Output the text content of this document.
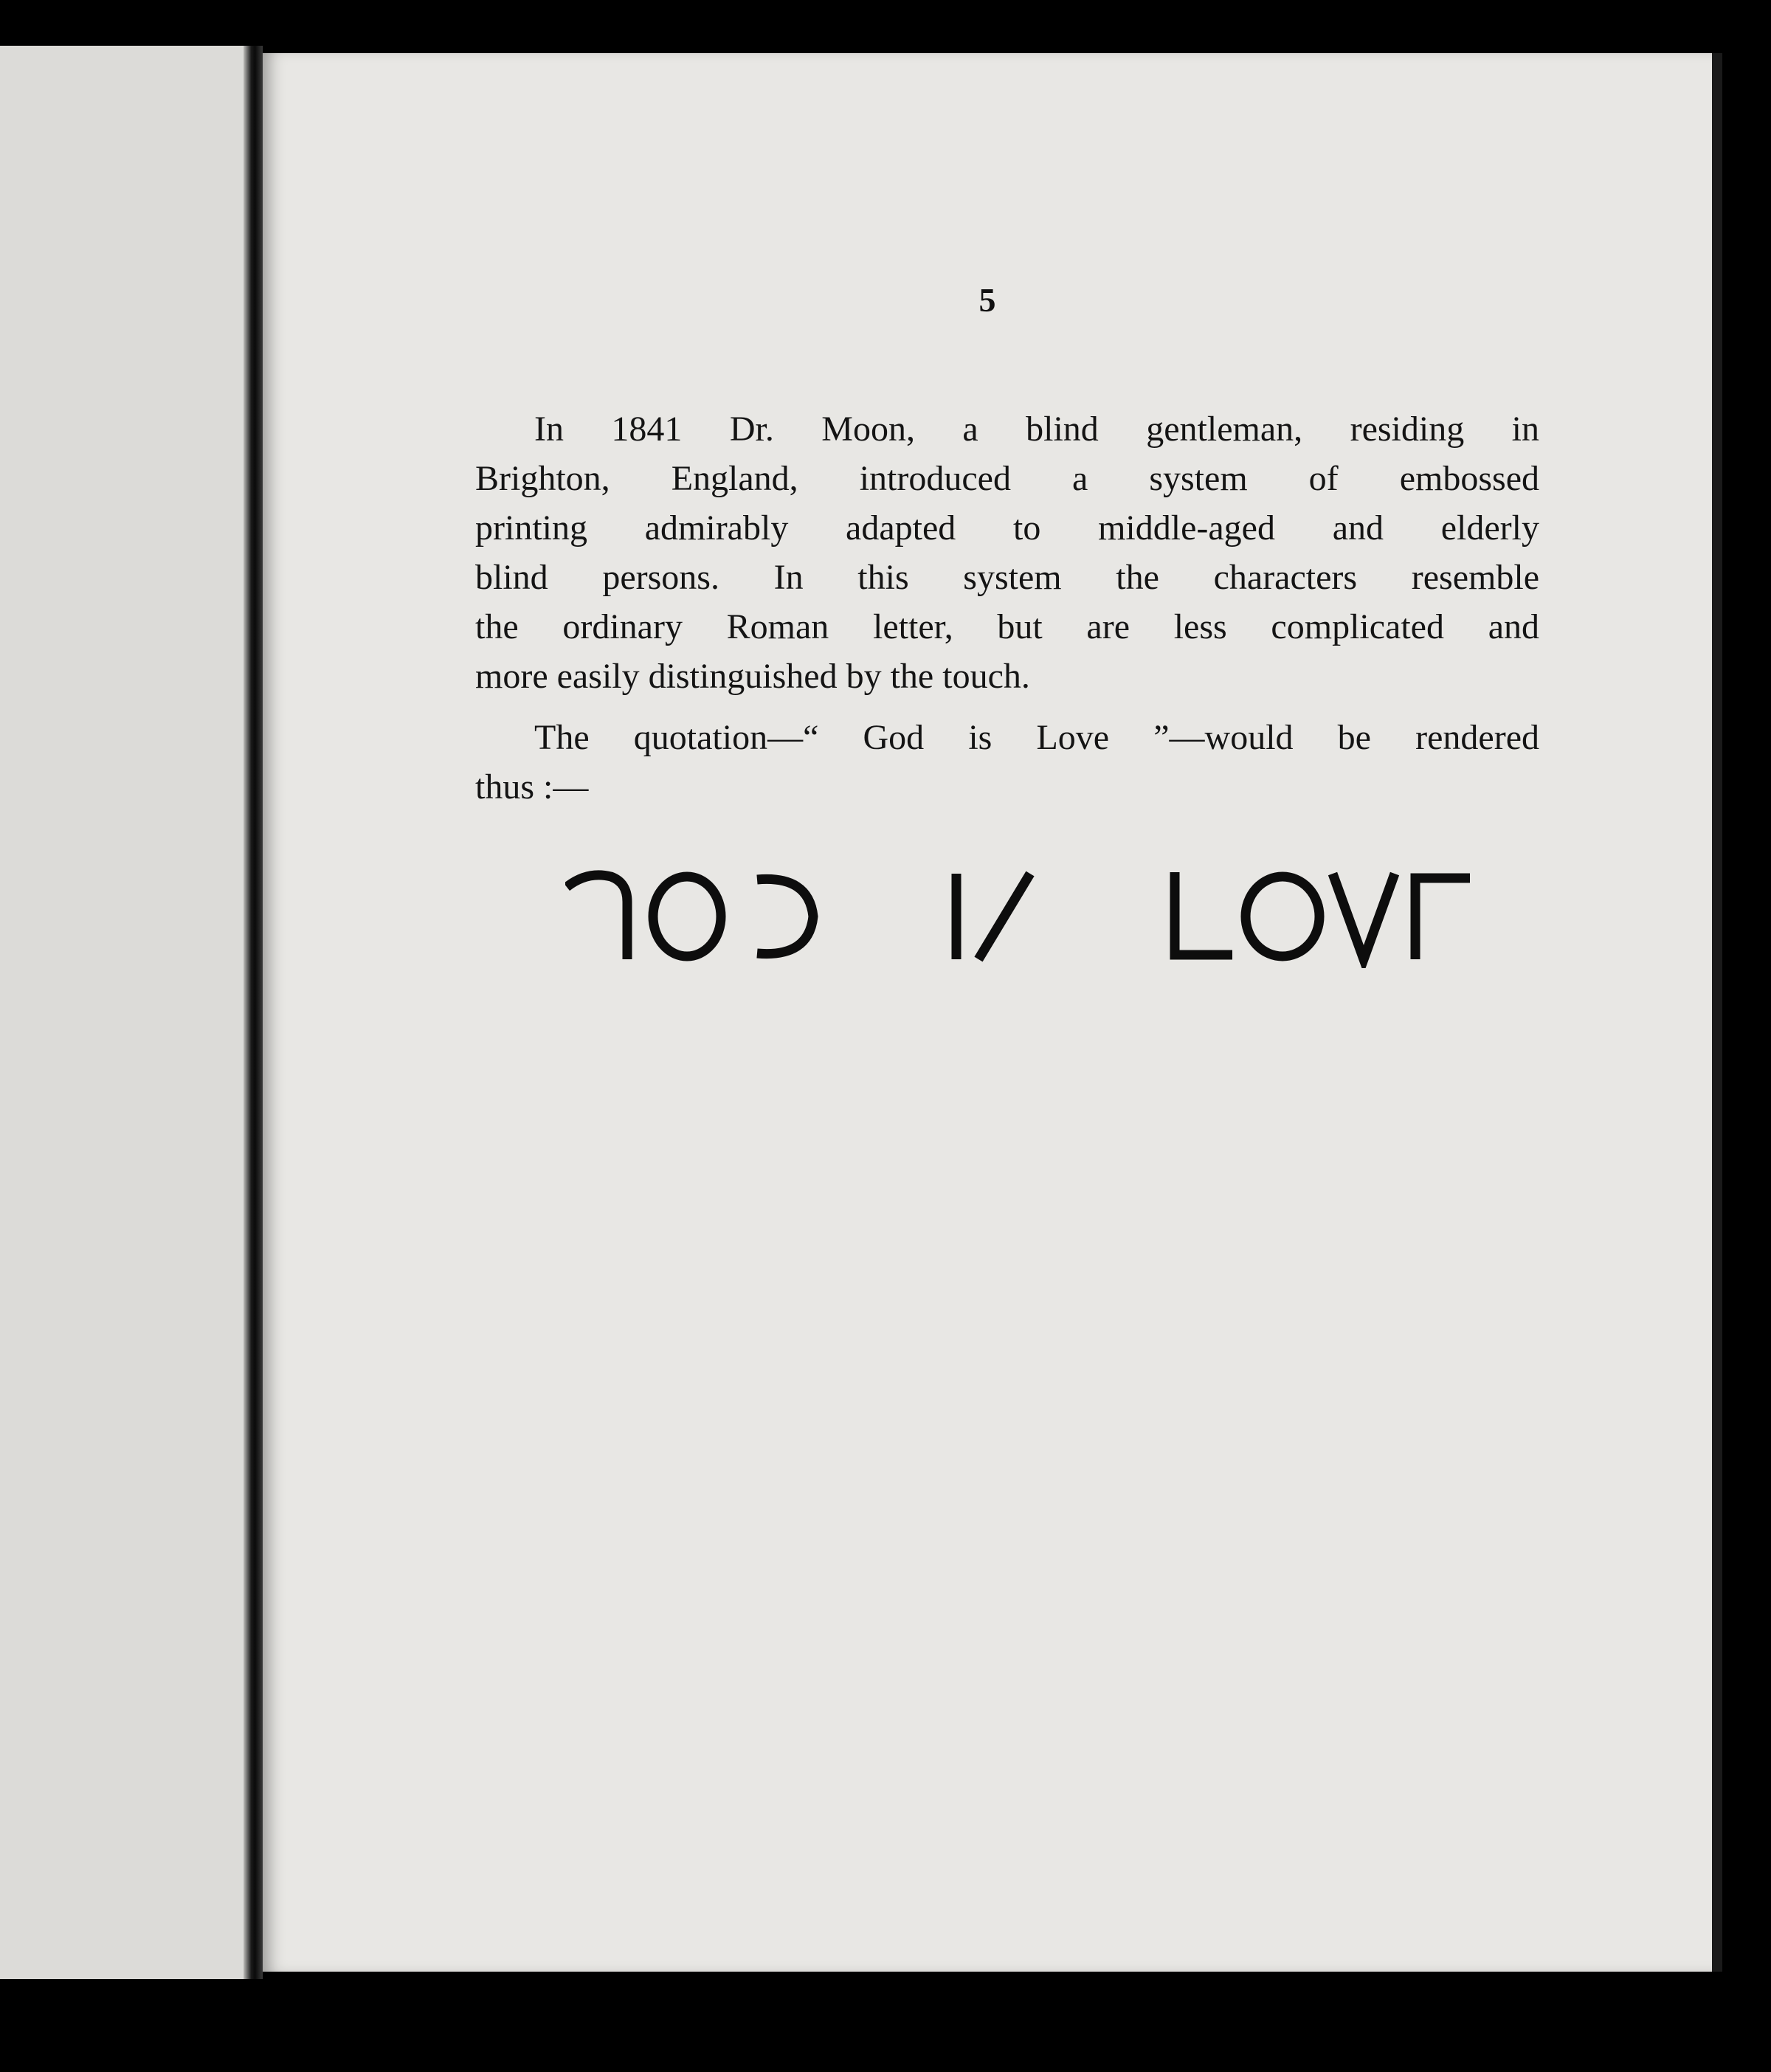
5
In 1841 Dr. Moon, a blind gentleman, residing in
Brighton, England, introduced a system of embossed
printing admirably adapted to middle-aged and elderly
blind persons. In this system the characters resemble
the ordinary Roman letter, but are less complicated and
more easily distinguished by the touch.
The quotation—“ God is Love ”—would be rendered
thus :—
